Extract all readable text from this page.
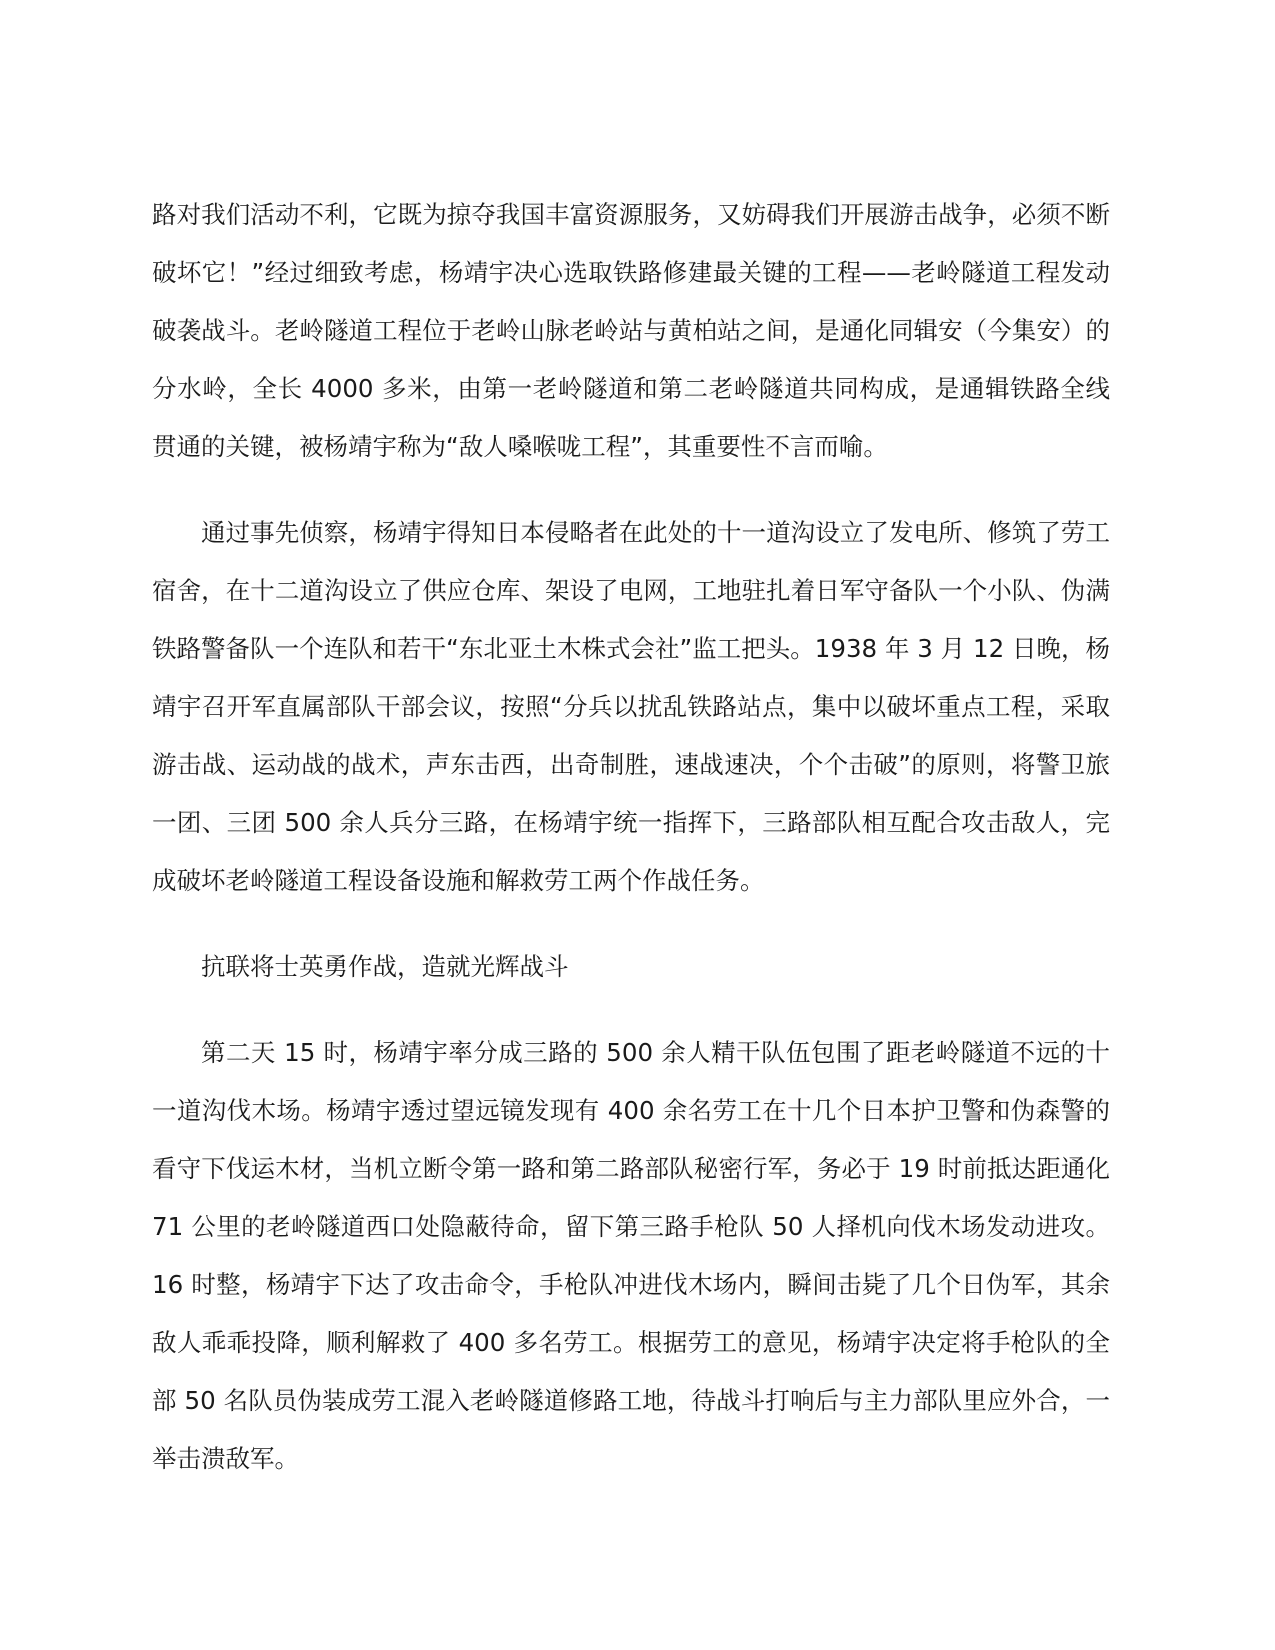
路对我们活动不利，它既为掠夺我国丰富资源服务，又妨碍我们开展游击战争，必须不断破坏它！”经过细致考虑，杨靖宇决心选取铁路修建最关键的工程——老岭隧道工程发动破袭战斗。老岭隧道工程位于老岭山脉老岭站与黄柏站之间，是通化同辑安（今集安）的分水岭，全长 4000 多米，由第一老岭隧道和第二老岭隧道共同构成，是通辑铁路全线贯通的关键，被杨靖宇称为“敌人嗓喉咙工程”，其重要性不言而喻。

通过事先侦察，杨靖宇得知日本侵略者在此处的十一道沟设立了发电所、修筑了劳工宿舍，在十二道沟设立了供应仓库、架设了电网，工地驻扎着日军守备队一个小队、伪满铁路警备队一个连队和若干“东北亚土木株式会社”监工把头。1938 年 3 月 12 日晚，杨靖宇召开军直属部队干部会议，按照“分兵以扰乱铁路站点，集中以破坏重点工程，采取游击战、运动战的战术，声东击西，出奇制胜，速战速决，个个击破”的原则，将警卫旅一团、三团 500 余人兵分三路，在杨靖宇统一指挥下，三路部队相互配合攻击敌人，完成破坏老岭隧道工程设备设施和解救劳工两个作战任务。

抗联将士英勇作战，造就光辉战斗

第二天 15 时，杨靖宇率分成三路的 500 余人精干队伍包围了距老岭隧道不远的十一道沟伐木场。杨靖宇透过望远镜发现有 400 余名劳工在十几个日本护卫警和伪森警的看守下伐运木材，当机立断令第一路和第二路部队秘密行军，务必于 19 时前抵达距通化 71 公里的老岭隧道西口处隐蔽待命，留下第三路手枪队 50 人择机向伐木场发动进攻。16 时整，杨靖宇下达了攻击命令，手枪队冲进伐木场内，瞬间击毙了几个日伪军，其余敌人乖乖投降，顺利解救了 400 多名劳工。根据劳工的意见，杨靖宇决定将手枪队的全部 50 名队员伪装成劳工混入老岭隧道修路工地，待战斗打响后与主力部队里应外合，一举击溃敌军。
